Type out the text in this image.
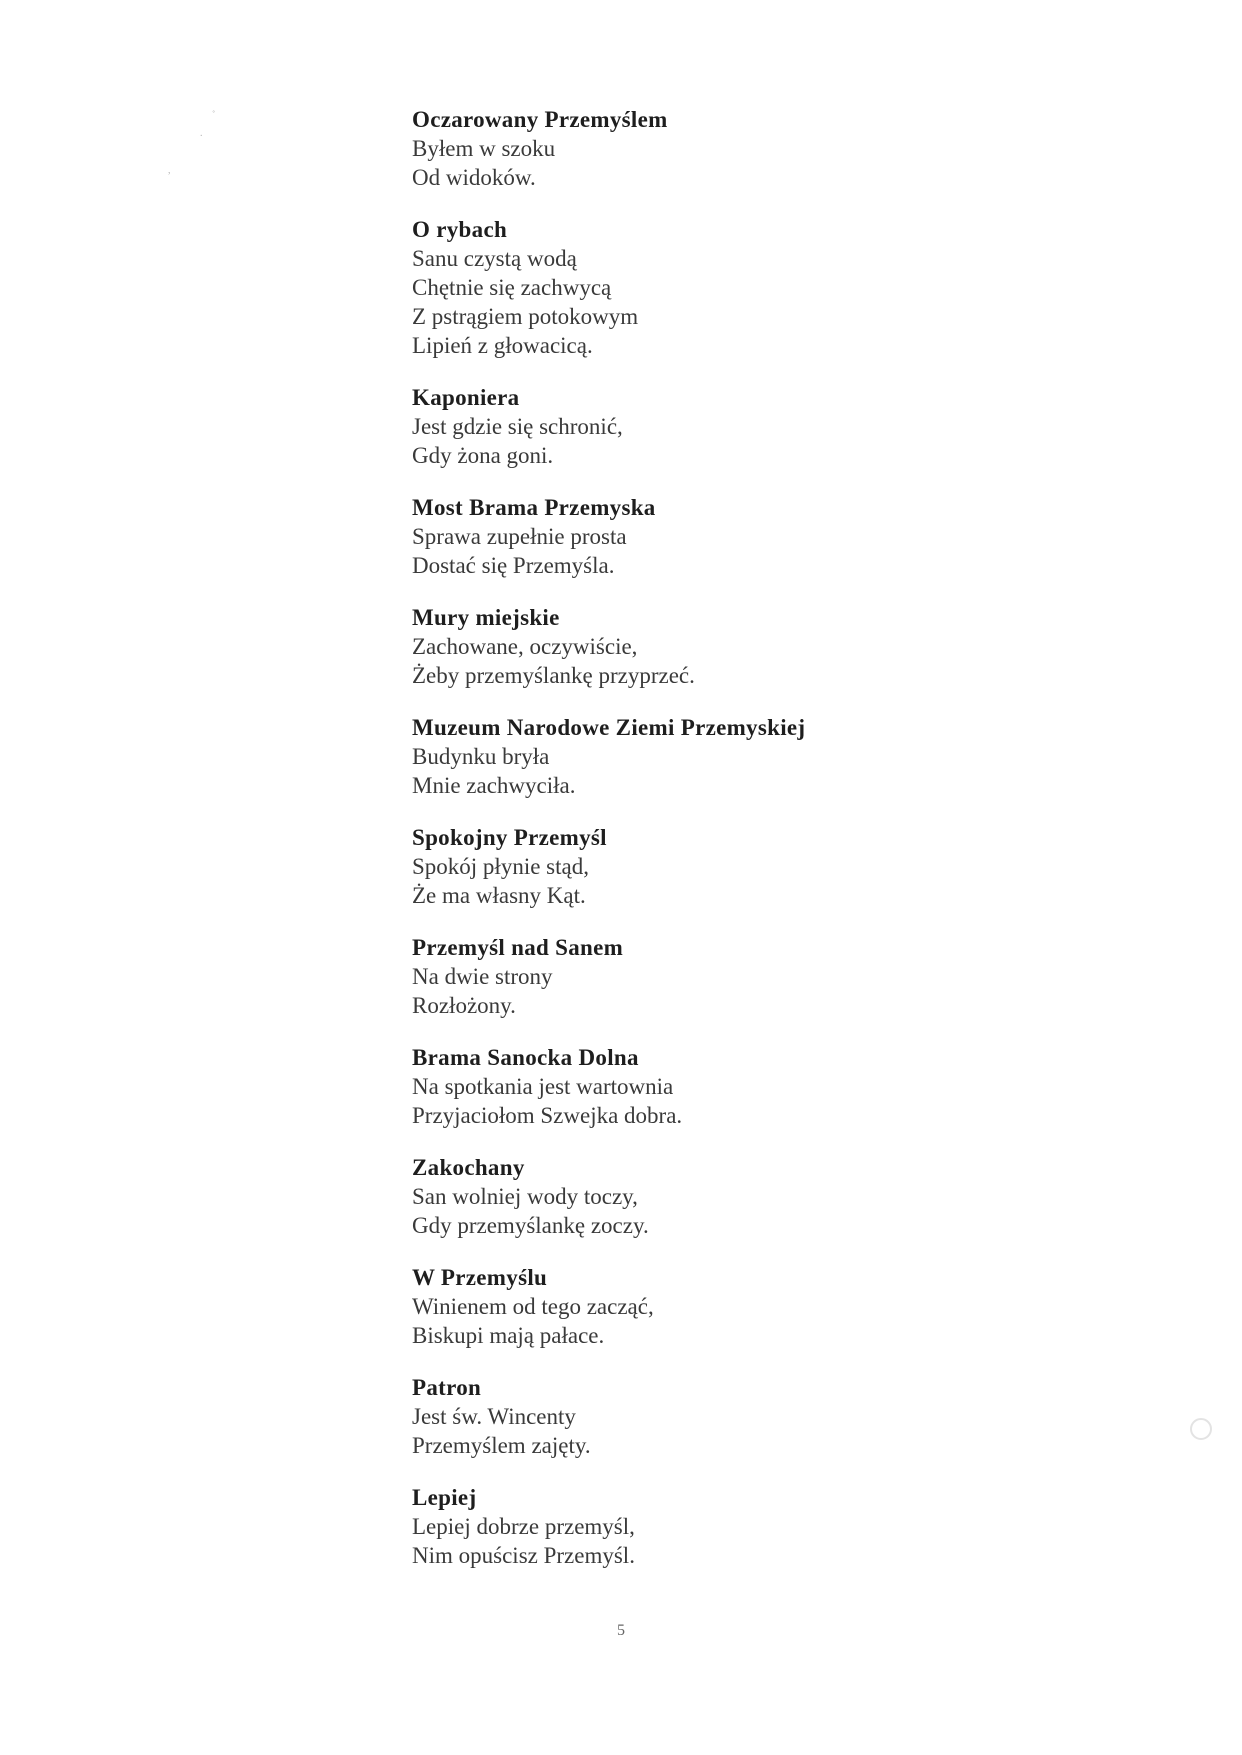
˚
.
,
Oczarowany Przemyślem
Byłem w szoku
Od widoków.
O rybach
Sanu czystą wodą
Chętnie się zachwycą
Z pstrągiem potokowym
Lipień z głowacicą.
Kaponiera
Jest gdzie się schronić,
Gdy żona goni.
Most Brama Przemyska
Sprawa zupełnie prosta
Dostać się Przemyśla.
Mury miejskie
Zachowane, oczywiście,
Żeby przemyślankę przyprzeć.
Muzeum Narodowe Ziemi Przemyskiej
Budynku bryła
Mnie zachwyciła.
Spokojny Przemyśl
Spokój płynie stąd,
Że ma własny Kąt.
Przemyśl nad Sanem
Na dwie strony
Rozłożony.
Brama Sanocka Dolna
Na spotkania jest wartownia
Przyjaciołom Szwejka dobra.
Zakochany
San wolniej wody toczy,
Gdy przemyślankę zoczy.
W Przemyślu
Winienem od tego zacząć,
Biskupi mają pałace.
Patron
Jest św. Wincenty
Przemyślem zajęty.
Lepiej
Lepiej dobrze przemyśl,
Nim opuścisz Przemyśl.
5
